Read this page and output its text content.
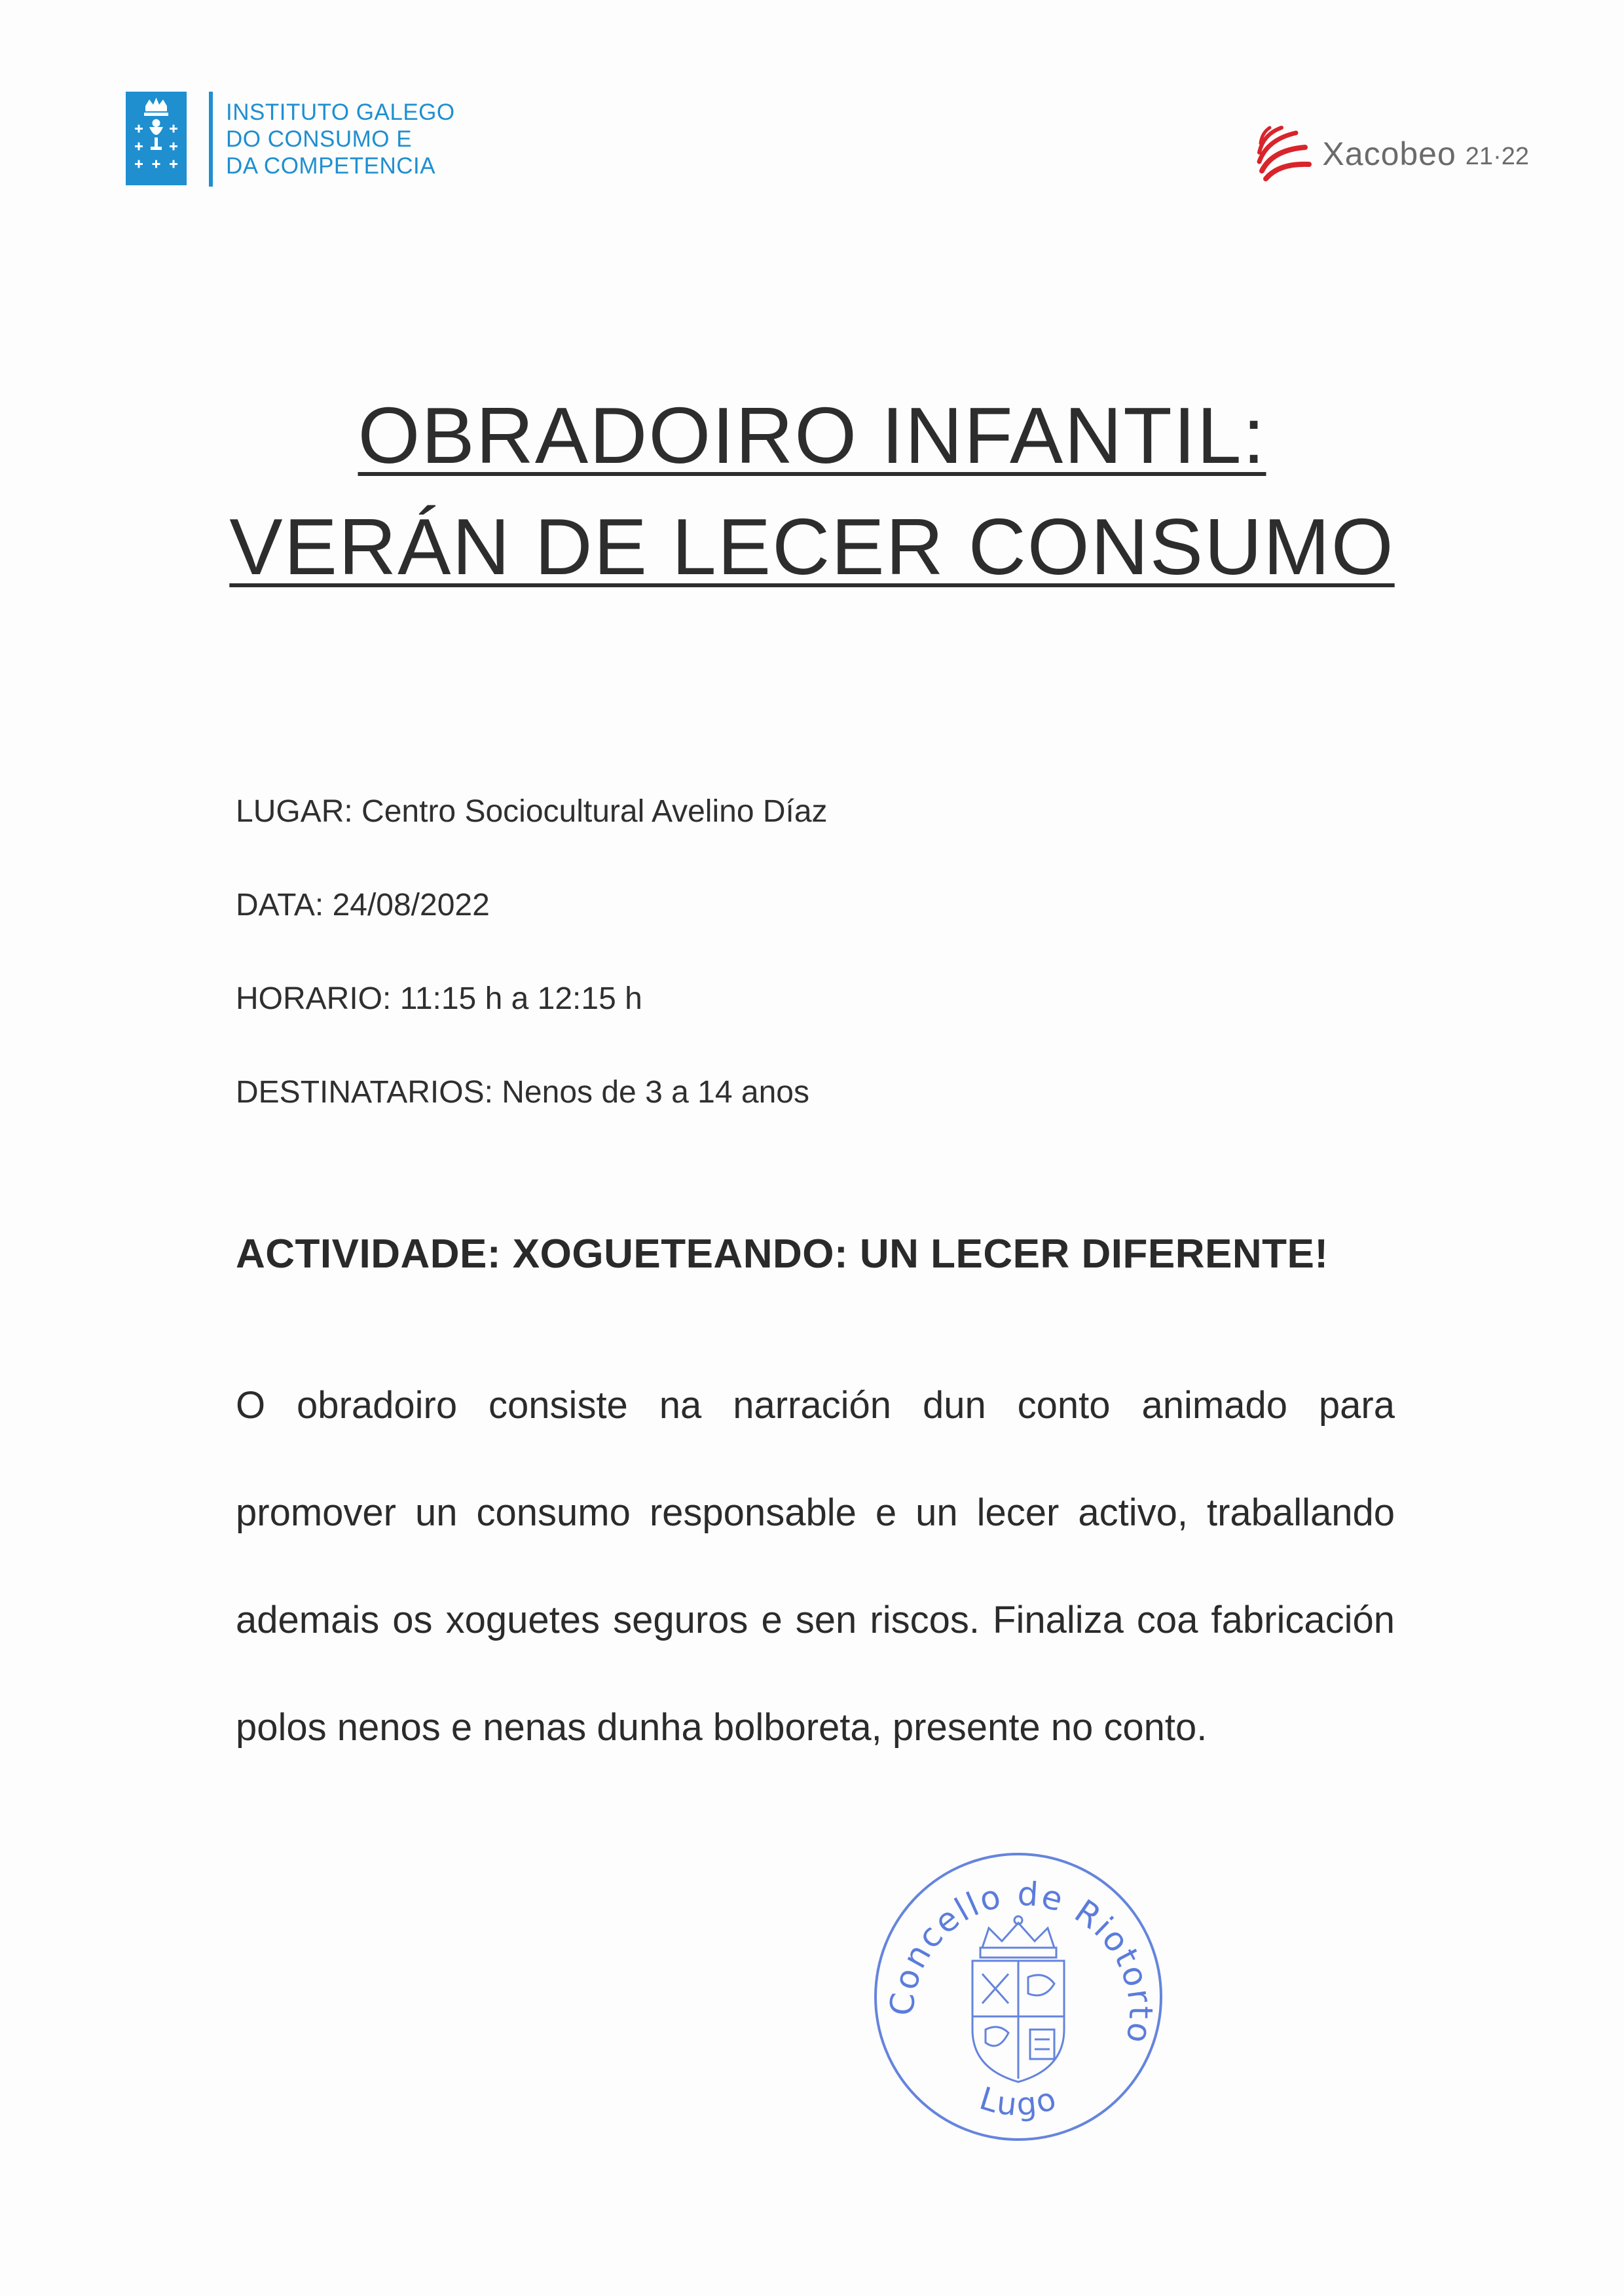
INSTITUTO GALEGO
DO CONSUMO E
DA COMPETENCIA	Xacobeo 21·22
OBRADOIRO INFANTIL:
VERÁN DE LECER CONSUMO
LUGAR: Centro Sociocultural Avelino Díaz
DATA: 24/08/2022
HORARIO: 11:15 h a 12:15 h
DESTINATARIOS: Nenos de 3 a 14 anos
ACTIVIDADE: XOGUETEANDO: UN LECER DIFERENTE!
O obradoiro consiste na narración dun conto animado para promover un consumo responsable e un lecer activo, traballando ademais os xoguetes seguros e sen riscos. Finaliza coa fabricación polos nenos e nenas dunha bolboreta, presente no conto.
Concello de Riotorto
Lugo
